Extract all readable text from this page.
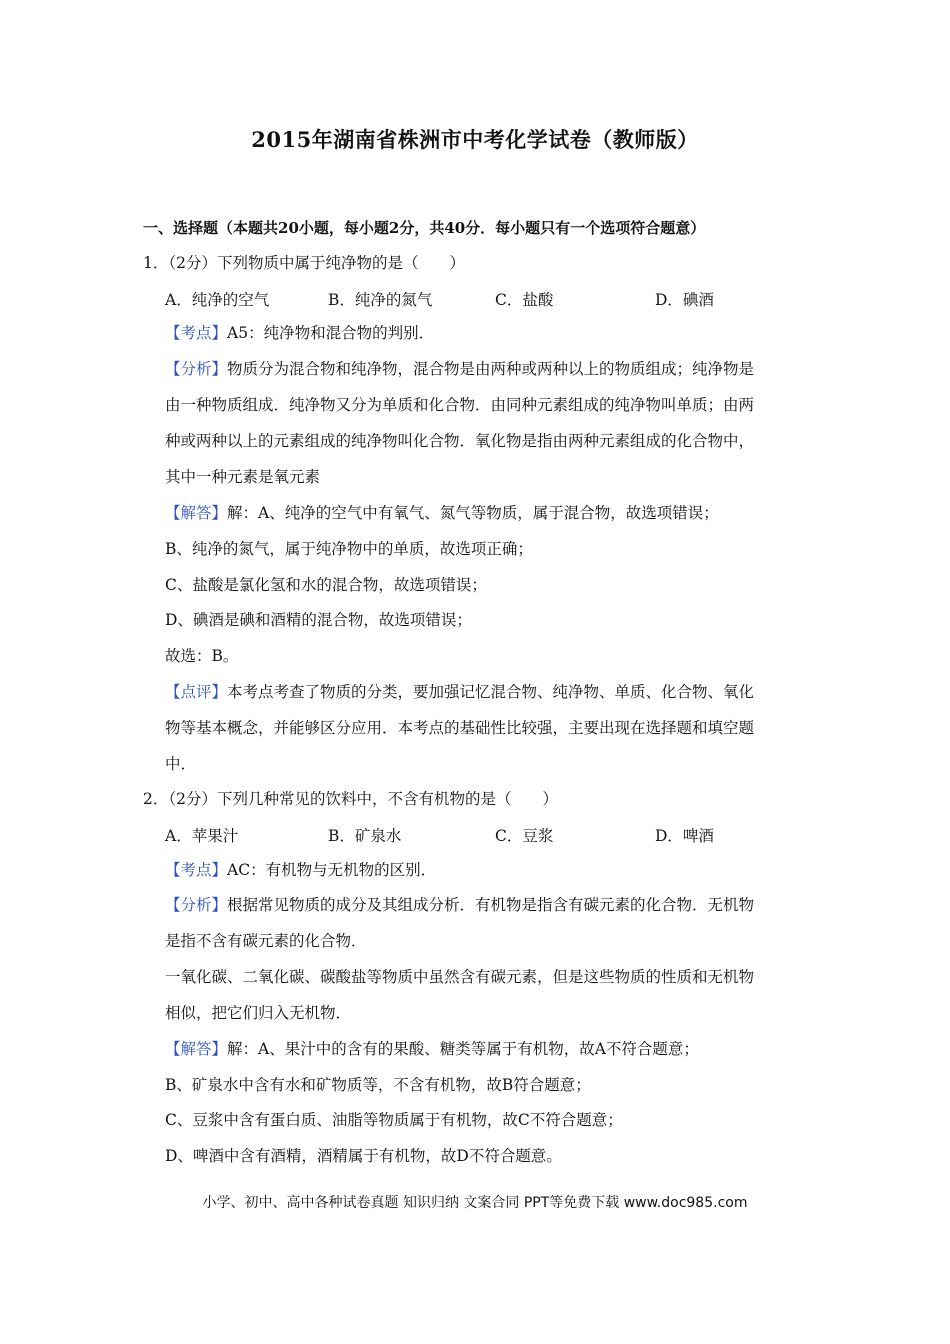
2015年湖南省株洲市中考化学试卷（教师版）
一、选择题（本题共20小题，每小题2分，共40分．每小题只有一个选项符合题意）
1．（2分）下列物质中属于纯净物的是（　　）
A．纯净的空气	B．纯净的氮气	C．盐酸	D．碘酒
【考点】A5：纯净物和混合物的判别．
【分析】物质分为混合物和纯净物，混合物是由两种或两种以上的物质组成；纯净物是
由一种物质组成．纯净物又分为单质和化合物．由同种元素组成的纯净物叫单质；由两
种或两种以上的元素组成的纯净物叫化合物．氧化物是指由两种元素组成的化合物中，
其中一种元素是氧元素
【解答】解：A、纯净的空气中有氧气、氮气等物质，属于混合物，故选项错误；
B、纯净的氮气，属于纯净物中的单质，故选项正确；
C、盐酸是氯化氢和水的混合物，故选项错误；
D、碘酒是碘和酒精的混合物，故选项错误；
故选：B。
【点评】本考点考查了物质的分类，要加强记忆混合物、纯净物、单质、化合物、氧化
物等基本概念，并能够区分应用．本考点的基础性比较强，主要出现在选择题和填空题
中．
2．（2分）下列几种常见的饮料中，不含有机物的是（　　）
A．苹果汁	B．矿泉水	C．豆浆	D．啤酒
【考点】AC：有机物与无机物的区别．
【分析】根据常见物质的成分及其组成分析．有机物是指含有碳元素的化合物．无机物
是指不含有碳元素的化合物．
一氧化碳、二氧化碳、碳酸盐等物质中虽然含有碳元素，但是这些物质的性质和无机物
相似，把它们归入无机物．
【解答】解：A、果汁中的含有的果酸、糖类等属于有机物，故A不符合题意；
B、矿泉水中含有水和矿物质等，不含有机物，故B符合题意；
C、豆浆中含有蛋白质、油脂等物质属于有机物，故C不符合题意；
D、啤酒中含有酒精，酒精属于有机物，故D不符合题意。
小学、初中、高中各种试卷真题 知识归纳 文案合同 PPT等免费下载 www.doc985.com
